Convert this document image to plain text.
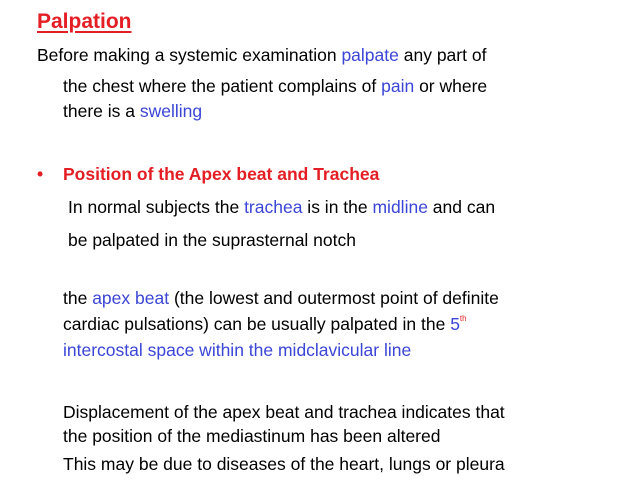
Palpation
Before making a systemic examination palpate any part of
the chest where the patient complains of pain or where
there is a swelling
• Position of the Apex beat and Trachea
In normal subjects the trachea is in the midline and can
be palpated in the suprasternal notch
the apex beat (the lowest and outermost point of definite
cardiac pulsations) can be usually palpated in the 5th
intercostal space within the midclavicular line
Displacement of the apex beat and trachea indicates that
the position of the mediastinum has been altered
This may be due to diseases of the heart, lungs or pleura
